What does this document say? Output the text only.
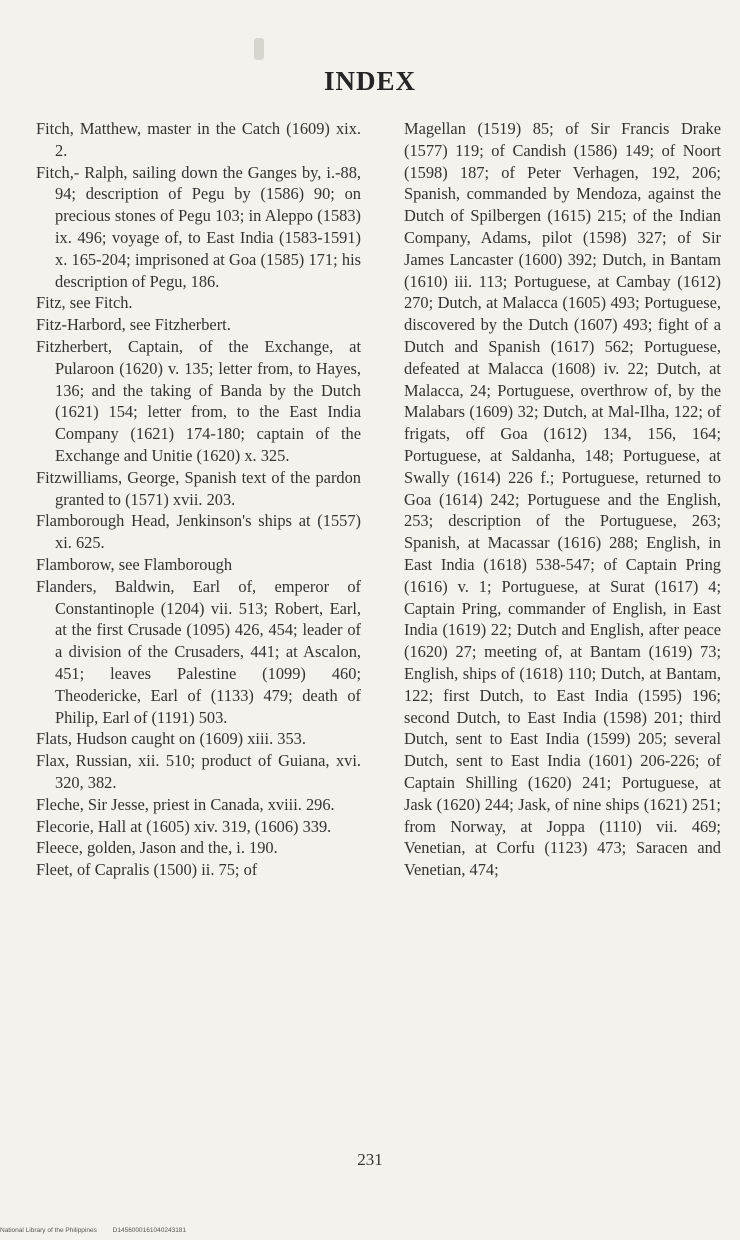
INDEX

Fitch, Matthew, master in the Catch (1609) xix. 2.

Fitch,- Ralph, sailing down the Ganges by, i.-88, 94; description of Pegu by (1586) 90; on precious stones of Pegu 103; in Aleppo (1583) ix. 496; voyage of, to East India (1583-1591) x. 165-204; imprisoned at Goa (1585) 171; his description of Pegu, 186.

Fitz, see Fitch.

Fitz-Harbord, see Fitzherbert.

Fitzherbert, Captain, of the Exchange, at Pularoon (1620) v. 135; letter from, to Hayes, 136; and the taking of Banda by the Dutch (1621) 154; letter from, to the East India Company (1621) 174-180; captain of the Exchange and Unitie (1620) x. 325.

Fitzwilliams, George, Spanish text of the pardon granted to (1571) xvii. 203.

Flamborough Head, Jenkinson's ships at (1557) xi. 625.

Flamborow, see Flamborough

Flanders, Baldwin, Earl of, emperor of Constantinople (1204) vii. 513; Robert, Earl, at the first Crusade (1095) 426, 454; leader of a division of the Crusaders, 441; at Ascalon, 451; leaves Palestine (1099) 460; Theodericke, Earl of (1133) 479; death of Philip, Earl of (1191) 503.

Flats, Hudson caught on (1609) xiii. 353.

Flax, Russian, xii. 510; product of Guiana, xvi. 320, 382.

Fleche, Sir Jesse, priest in Canada, xviii. 296.

Flecorie, Hall at (1605) xiv. 319, (1606) 339.

Fleece, golden, Jason and the, i. 190.

Fleet, of Capralis (1500) ii. 75; of

Magellan (1519) 85; of Sir Francis Drake (1577) 119; of Candish (1586) 149; of Noort (1598) 187; of Peter Verhagen, 192, 206; Spanish, commanded by Mendoza, against the Dutch of Spilbergen (1615) 215; of the Indian Company, Adams, pilot (1598) 327; of Sir James Lancaster (1600) 392; Dutch, in Bantam (1610) iii. 113; Portuguese, at Cambay (1612) 270; Dutch, at Malacca (1605) 493; Portuguese, discovered by the Dutch (1607) 493; fight of a Dutch and Spanish (1617) 562; Portuguese, defeated at Malacca (1608) iv. 22; Dutch, at Malacca, 24; Portuguese, overthrow of, by the Malabars (1609) 32; Dutch, at Mal-Ilha, 122; of frigats, off Goa (1612) 134, 156, 164; Portuguese, at Saldanha, 148; Portuguese, at Swally (1614) 226 f.; Portuguese, returned to Goa (1614) 242; Portuguese and the English, 253; description of the Portuguese, 263; Spanish, at Macassar (1616) 288; English, in East India (1618) 538-547; of Captain Pring (1616) v. 1; Portuguese, at Surat (1617) 4; Captain Pring, commander of English, in East India (1619) 22; Dutch and English, after peace (1620) 27; meeting of, at Bantam (1619) 73; English, ships of (1618) 110; Dutch, at Bantam, 122; first Dutch, to East India (1595) 196; second Dutch, to East India (1598) 201; third Dutch, sent to East India (1599) 205; several Dutch, sent to East India (1601) 206-226; of Captain Shilling (1620) 241; Portuguese, at Jask (1620) 244; Jask, of nine ships (1621) 251; from Norway, at Joppa (1110) vii. 469; Venetian, at Corfu (1123) 473; Saracen and Venetian, 474;

231
National Library of the Philippines D1456000161040243181
